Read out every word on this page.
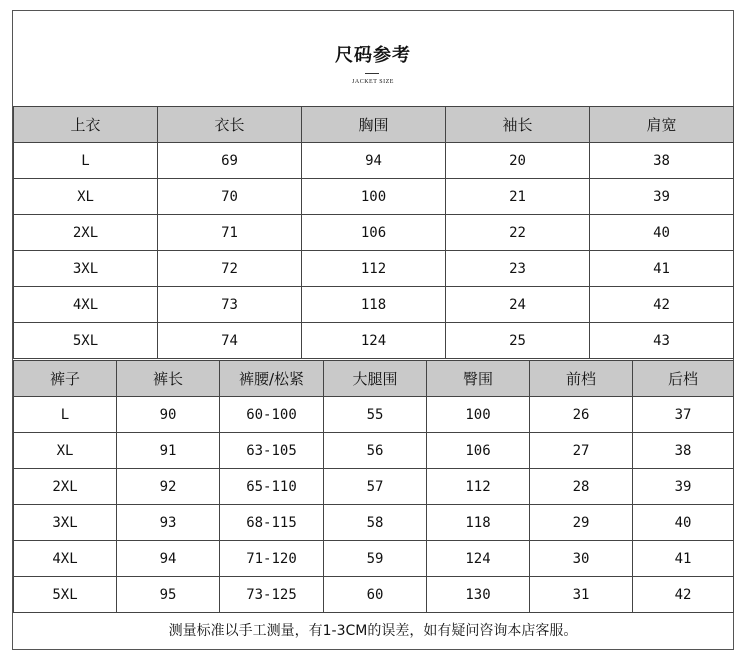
尺码参考
JACKET SIZE
上衣	衣长	胸围	袖长	肩宽
L	69	94	20	38
XL	70	100	21	39
2XL	71	106	22	40
3XL	72	112	23	41
4XL	73	118	24	42
5XL	74	124	25	43
裤子	裤长	裤腰/松紧	大腿围	臀围	前档	后档
L	90	60-100	55	100	26	37
XL	91	63-105	56	106	27	38
2XL	92	65-110	57	112	28	39
3XL	93	68-115	58	118	29	40
4XL	94	71-120	59	124	30	41
5XL	95	73-125	60	130	31	42
测量标准以手工测量，有1-3CM的误差，如有疑问咨询本店客服。
